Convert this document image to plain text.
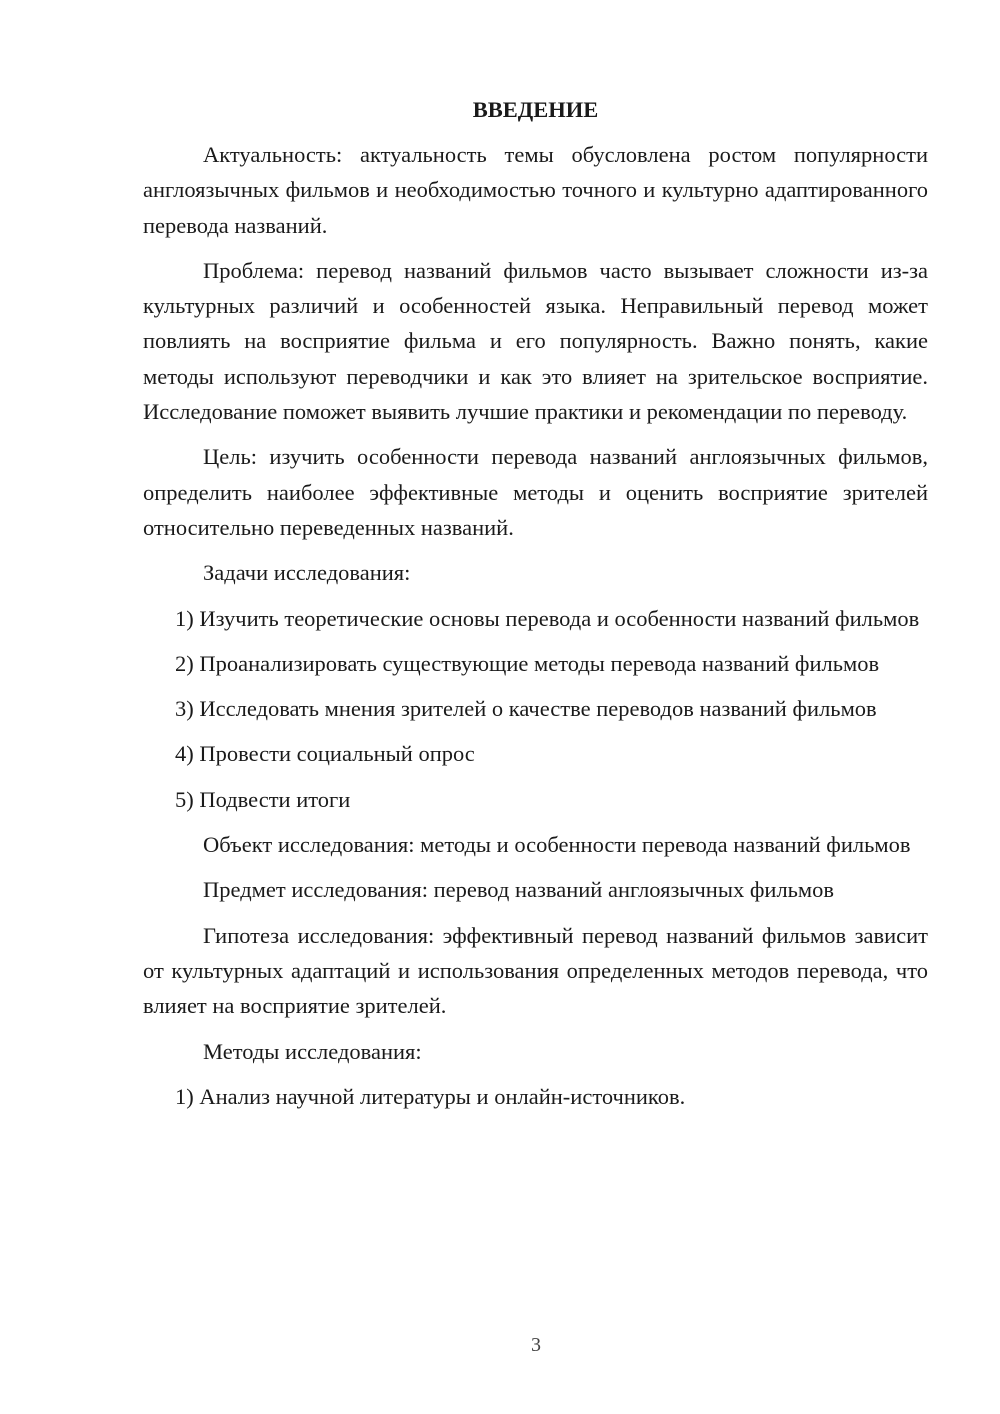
ВВЕДЕНИЕ

Актуальность: актуальность темы обусловлена ростом популярности англоязычных фильмов и необходимостью точного и культурно адаптированного перевода названий.

Проблема: перевод названий фильмов часто вызывает сложности из-за культурных различий и особенностей языка. Неправильный перевод может повлиять на восприятие фильма и его популярность. Важно понять, какие методы используют переводчики и как это влияет на зрительское восприятие. Исследование поможет выявить лучшие практики и рекомендации по переводу.

Цель: изучить особенности перевода названий англоязычных фильмов, определить наиболее эффективные методы и оценить восприятие зрителей относительно переведенных названий.

Задачи исследования:

1) Изучить теоретические основы перевода и особенности названий фильмов

2) Проанализировать существующие методы перевода названий фильмов

3) Исследовать мнения зрителей о качестве переводов названий фильмов

4) Провести социальный опрос

5) Подвести итоги

Объект исследования: методы и особенности перевода названий фильмов

Предмет исследования: перевод названий англоязычных фильмов

Гипотеза исследования: эффективный перевод названий фильмов зависит от культурных адаптаций и использования определенных методов перевода, что влияет на восприятие зрителей.

Методы исследования:

1) Анализ научной литературы и онлайн-источников.

3
